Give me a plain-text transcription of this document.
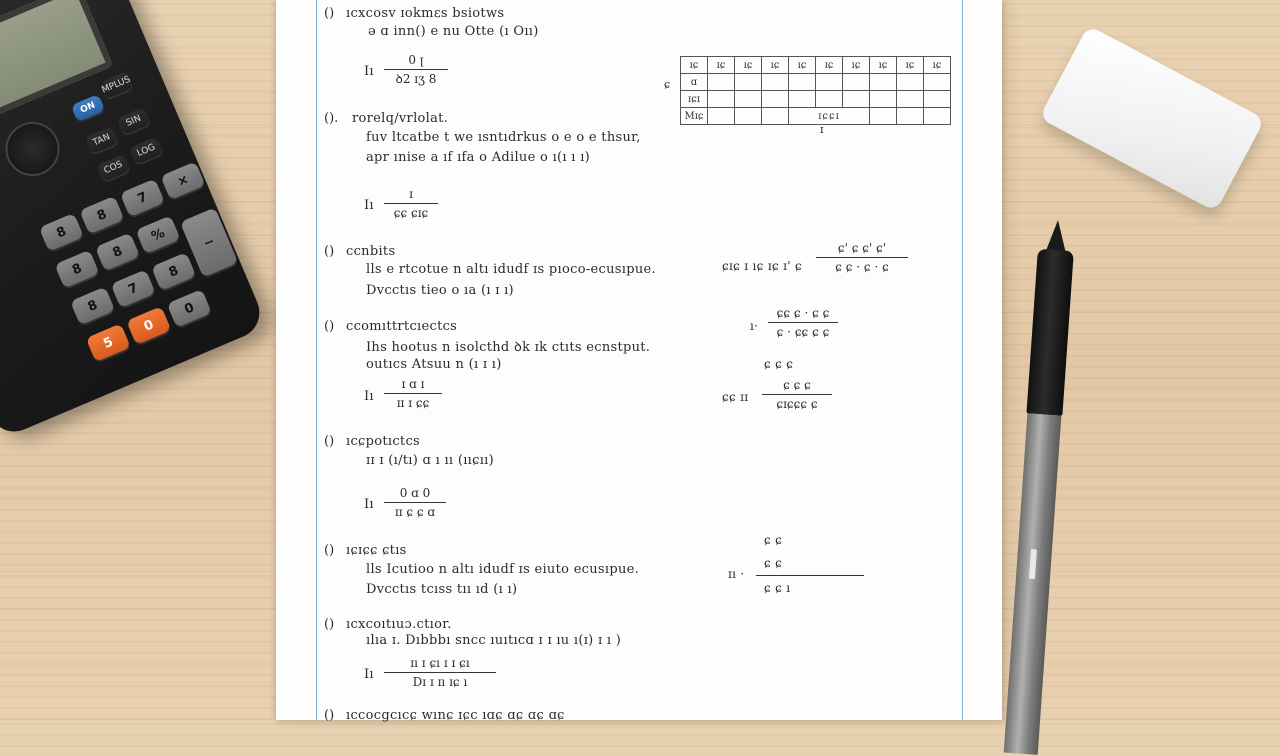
ON
MPLUS
TAN
SIN
COS
LOG
8
8
7
8
8
%
8
7
8
5
0
0
−
×
() ıcxcosv ɪokmεs bsiotws
ə ɑ inn() e nu Otte (ı Oıı)
Iı
0 ꞁ
ꝺ2 ɪʒ 8
(). rorelq/vrlolat.
fuv ltcatbe t we ısntıdrkus o e o e thsur,
apr ınise a ıf ıfa o Adilue o ı(ı ı ı)
Iı
ɪ
ɕɕ ɕɪɕ
() ccnbits
lls e rtcotue n altı idudf ɪs pıoco-ecusıpue.
Dvcctıs tieo o ıa (ı ɪ ı)
() ccomıttrtcıectcs
Ihs hootus n isolcthd ꝺk ɪk ctıts ecnstput.
outıcs Atsuu n (ı ɪ ı)
Iı
ɪ ɑ ɪ
ɪɪ ɪ ɕɕ
() ıcɕpotıctcs
ɪɪ ɪ (ı/tı) ɑ ı ıı (ııɕıı)
Iı
0 ɑ 0
ɪɪ ɕ ɕ ɑ
() ıɕɪɕɕ ɕtıs
lls Icutioo n altı idudf ɪs eiuto ecusıpue.
Dvcctıs tcıss tıı ıd (ı ı)
() ıcxcoıtıuɔ.ctıor.
ılıa ɪ. Dıbbbı sncc ıuıtıcɑ ɪ ɪ ıu ı(ɪ) ɪ ı )
Iı
ɪı ɪ ɕı ɪ ɪ ɕı
Dɪ ɪ ɪı ɪɕ ı
() ıccocgcıcɕ wınɕ ɪɕc ıɑɕ ɑɕ ɑɕ ɑɕ
ɕ
ɪɕ	ɪɕ	ıɕ	ıɕ	ıɕ	ɪɕ	ıɕ	ıɕ	ɪɕ	ıɕ
ɑ									
ɪɕɪ									
Mɪɕ				ɪɕɕɪ					
ɪ
ɕɪɕ ɪ ıɕ ɪɕ ɪ' ɕ
ɕ' ɕ ɕ' ɕ'
ɕ ɕ · ɕ · ɕ
ı·
ɕɕ ɕ · ɕ ɕ
ɕ · ɕɕ ɕ ɕ
ɕ ɕ ɕ
ɕɕ ɪɪ
ɕ ɕ ɕ
ɕɪɕɕɕ ɕ
ɪı ·
ɕ ɕ
ɕ ɕ
ɕ ɕ ı
